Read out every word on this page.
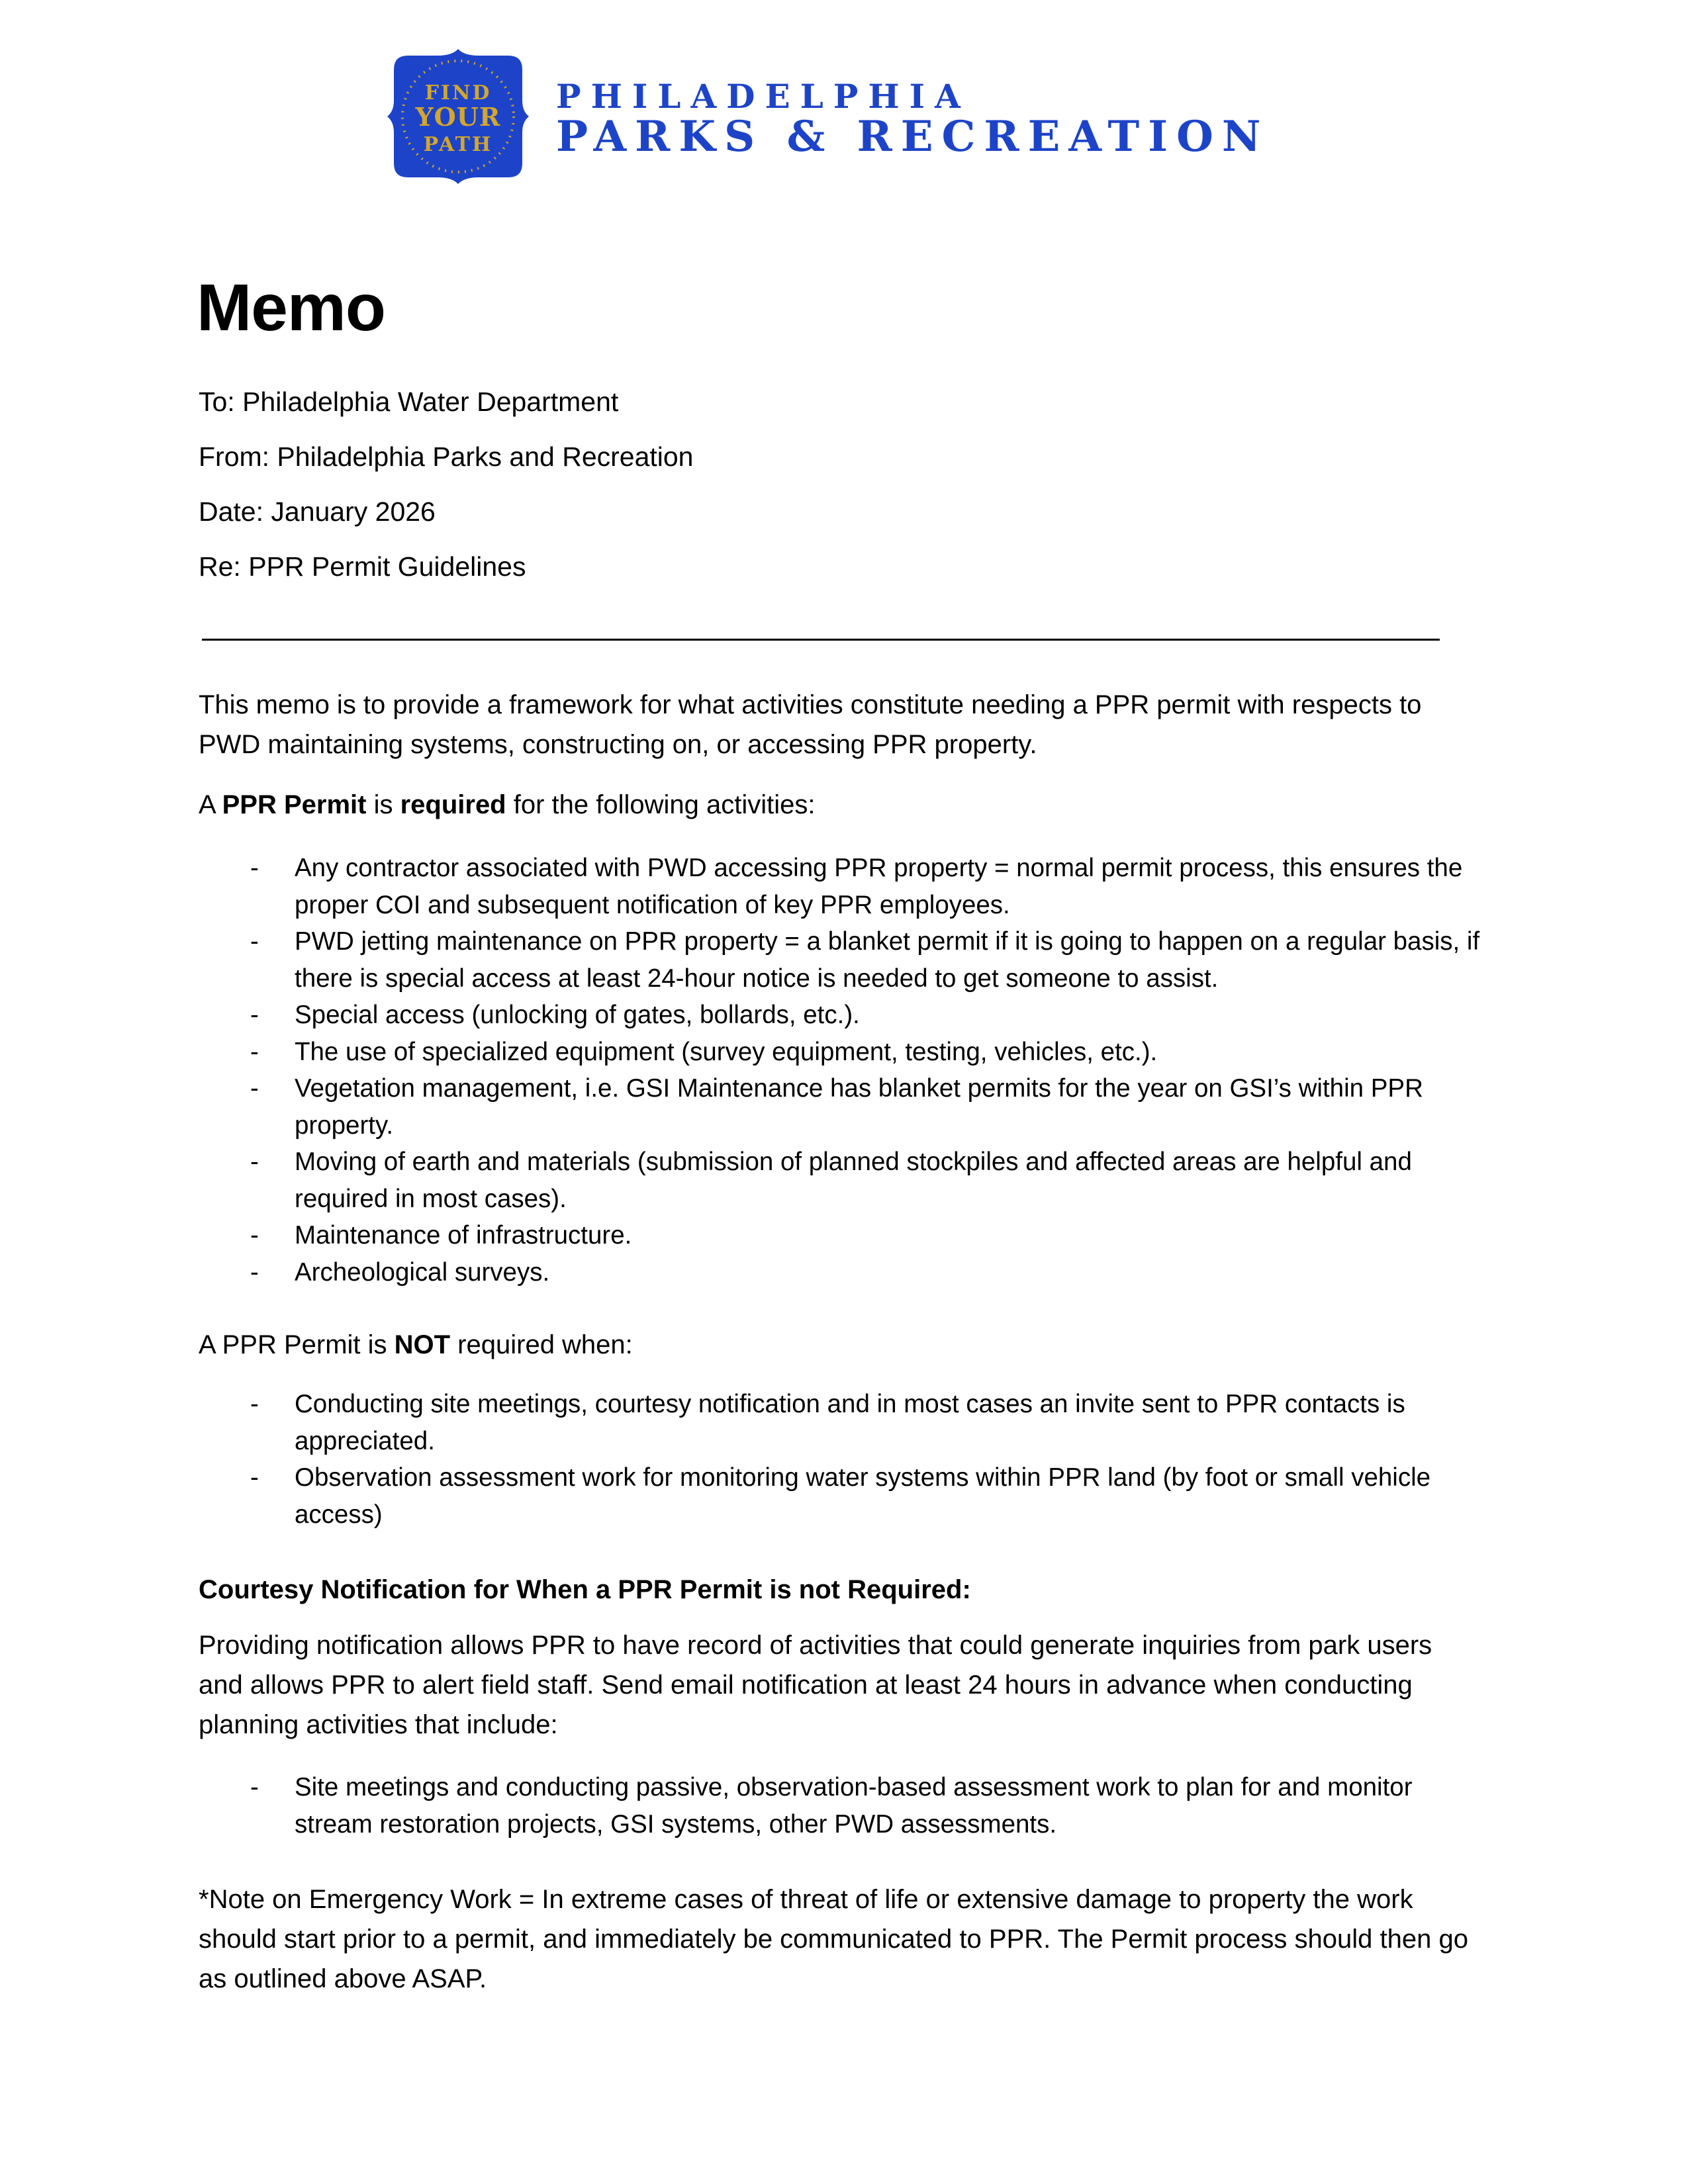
FIND
YOUR
PATH
PHILADELPHIA
PARKS & RECREATION
Memo
To: Philadelphia Water Department
From: Philadelphia Parks and Recreation
Date: January 2026
Re: PPR Permit Guidelines
This memo is to provide a framework for what activities constitute needing a PPR permit with respects to PWD maintaining systems, constructing on, or accessing PPR property.
A PPR Permit is required for the following activities:
- Any contractor associated with PWD accessing PPR property = normal permit process, this ensures the proper COI and subsequent notification of key PPR employees.
- PWD jetting maintenance on PPR property = a blanket permit if it is going to happen on a regular basis, if there is special access at least 24-hour notice is needed to get someone to assist.
- Special access (unlocking of gates, bollards, etc.).
- The use of specialized equipment (survey equipment, testing, vehicles, etc.).
- Vegetation management, i.e. GSI Maintenance has blanket permits for the year on GSI’s within PPR property.
- Moving of earth and materials (submission of planned stockpiles and affected areas are helpful and required in most cases).
- Maintenance of infrastructure.
- Archeological surveys.
A PPR Permit is NOT required when:
- Conducting site meetings, courtesy notification and in most cases an invite sent to PPR contacts is appreciated.
- Observation assessment work for monitoring water systems within PPR land (by foot or small vehicle access)
Courtesy Notification for When a PPR Permit is not Required:
Providing notification allows PPR to have record of activities that could generate inquiries from park users and allows PPR to alert field staff. Send email notification at least 24 hours in advance when conducting planning activities that include:
- Site meetings and conducting passive, observation-based assessment work to plan for and monitor stream restoration projects, GSI systems, other PWD assessments.
*Note on Emergency Work = In extreme cases of threat of life or extensive damage to property the work should start prior to a permit, and immediately be communicated to PPR. The Permit process should then go as outlined above ASAP.
